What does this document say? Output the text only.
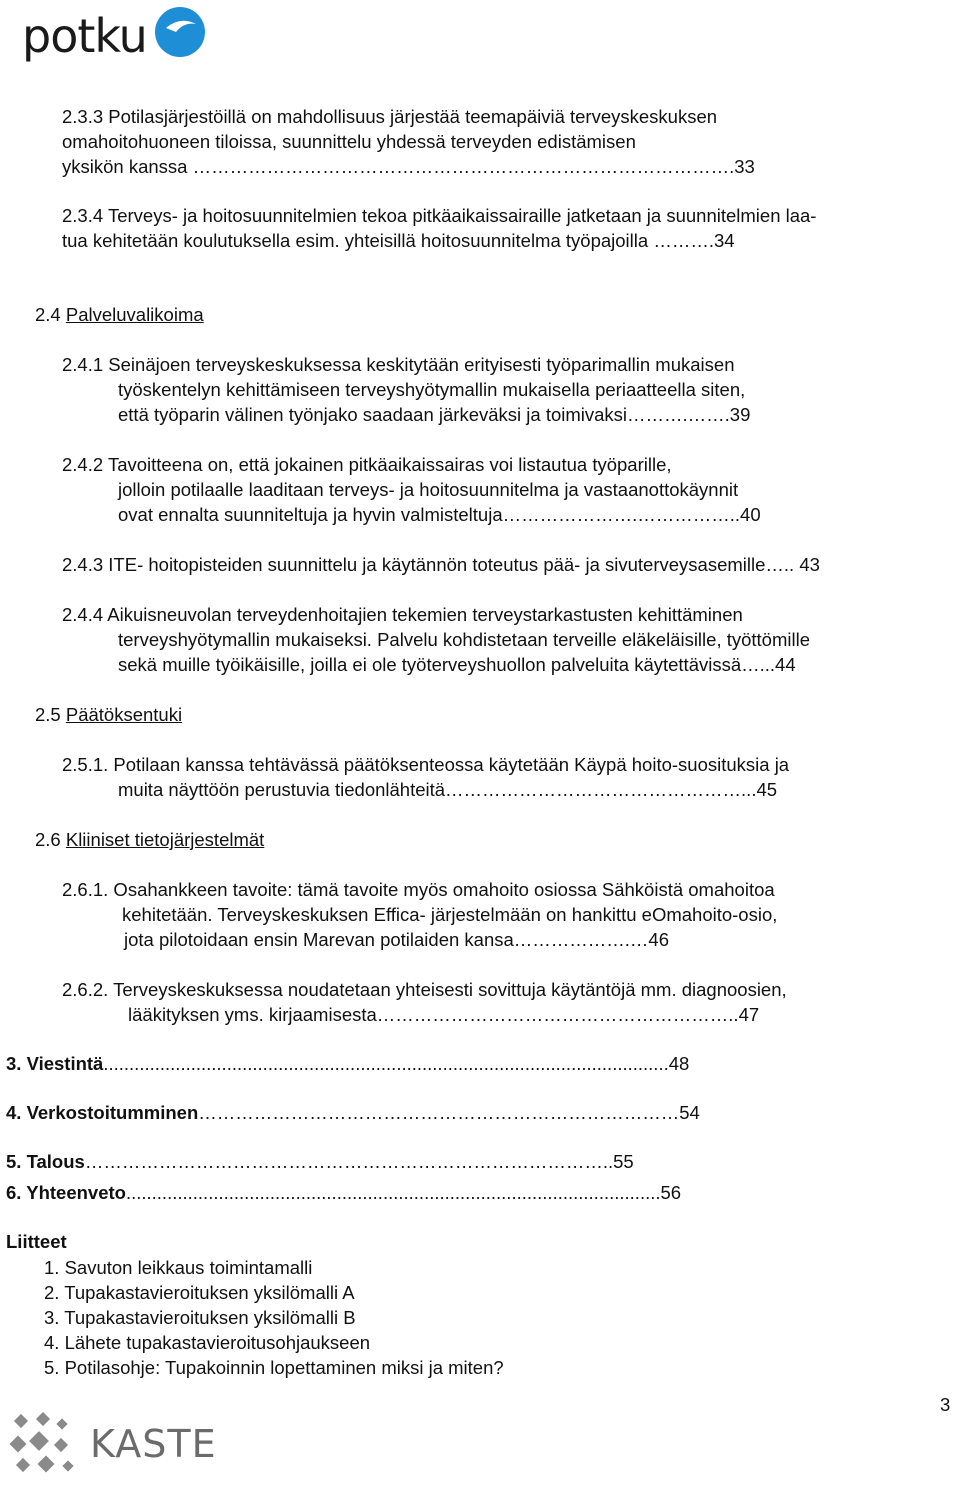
potku
2.3.3 Potilasjärjestöillä on mahdollisuus järjestää teemapäiviä terveyskeskuksen
omahoitohuoneen tiloissa, suunnittelu yhdessä terveyden edistämisen
yksikön kanssa …………………………………………………………………………….33
2.3.4 Terveys- ja hoitosuunnitelmien tekoa pitkäaikaissairaille jatketaan ja suunnitelmien laa-
tua kehitetään koulutuksella esim. yhteisillä hoitosuunnitelma työpajoilla ……….34
2.4 Palveluvalikoima
2.4.1 Seinäjoen terveyskeskuksessa keskitytään erityisesti työparimallin mukaisen
työskentelyn kehittämiseen terveyshyötymallin mukaisella periaatteella siten,
että työparin välinen työnjako saadaan järkeväksi ja toimivaksi……….…….39
2.4.2 Tavoitteena on, että jokainen pitkäaikaissairas voi listautua työparille,
jolloin potilaalle laaditaan terveys- ja hoitosuunnitelma ja vastaanottokäynnit
ovat ennalta suunniteltuja ja hyvin valmisteltuja………………….……………..40
2.4.3 ITE- hoitopisteiden suunnittelu ja käytännön toteutus pää- ja sivuterveysasemille….. 43
2.4.4 Aikuisneuvolan terveydenhoitajien tekemien terveystarkastusten kehittäminen
terveyshyötymallin mukaiseksi. Palvelu kohdistetaan terveille eläkeläisille, työttömille
sekä muille työikäisille, joilla ei ole työterveyshuollon palveluita käytettävissä…...44
2.5 Päätöksentuki
2.5.1. Potilaan kanssa tehtävässä päätöksenteossa käytetään Käypä hoito-suosituksia ja
muita näyttöön perustuvia tiedonlähteitä…………………………………………...45
2.6 Kliiniset tietojärjestelmät
2.6.1. Osahankkeen tavoite: tämä tavoite myös omahoito osiossa Sähköistä omahoitoa
kehitetään. Terveyskeskuksen Effica- järjestelmään on hankittu eOmahoito-osio,
jota pilotoidaan ensin Marevan potilaiden kansa……………….…46
2.6.2. Terveyskeskuksessa noudatetaan yhteisesti sovittuja käytäntöjä mm. diagnoosien,
lääkityksen yms. kirjaamisesta…………………………………………………..47
3. Viestintä..............................................................................................................48
4. Verkostoitumminen……………………………………………………………………54
5. Talous…………………………………………………………………………..55
6. Yhteenveto........................................................................................................56
Liitteet
1. Savuton leikkaus toimintamalli
2. Tupakastavieroituksen yksilömalli A
3. Tupakastavieroituksen yksilömalli B
4. Lähete tupakastavieroitusohjaukseen
5. Potilasohje: Tupakoinnin lopettaminen miksi ja miten?
3
KASTE
